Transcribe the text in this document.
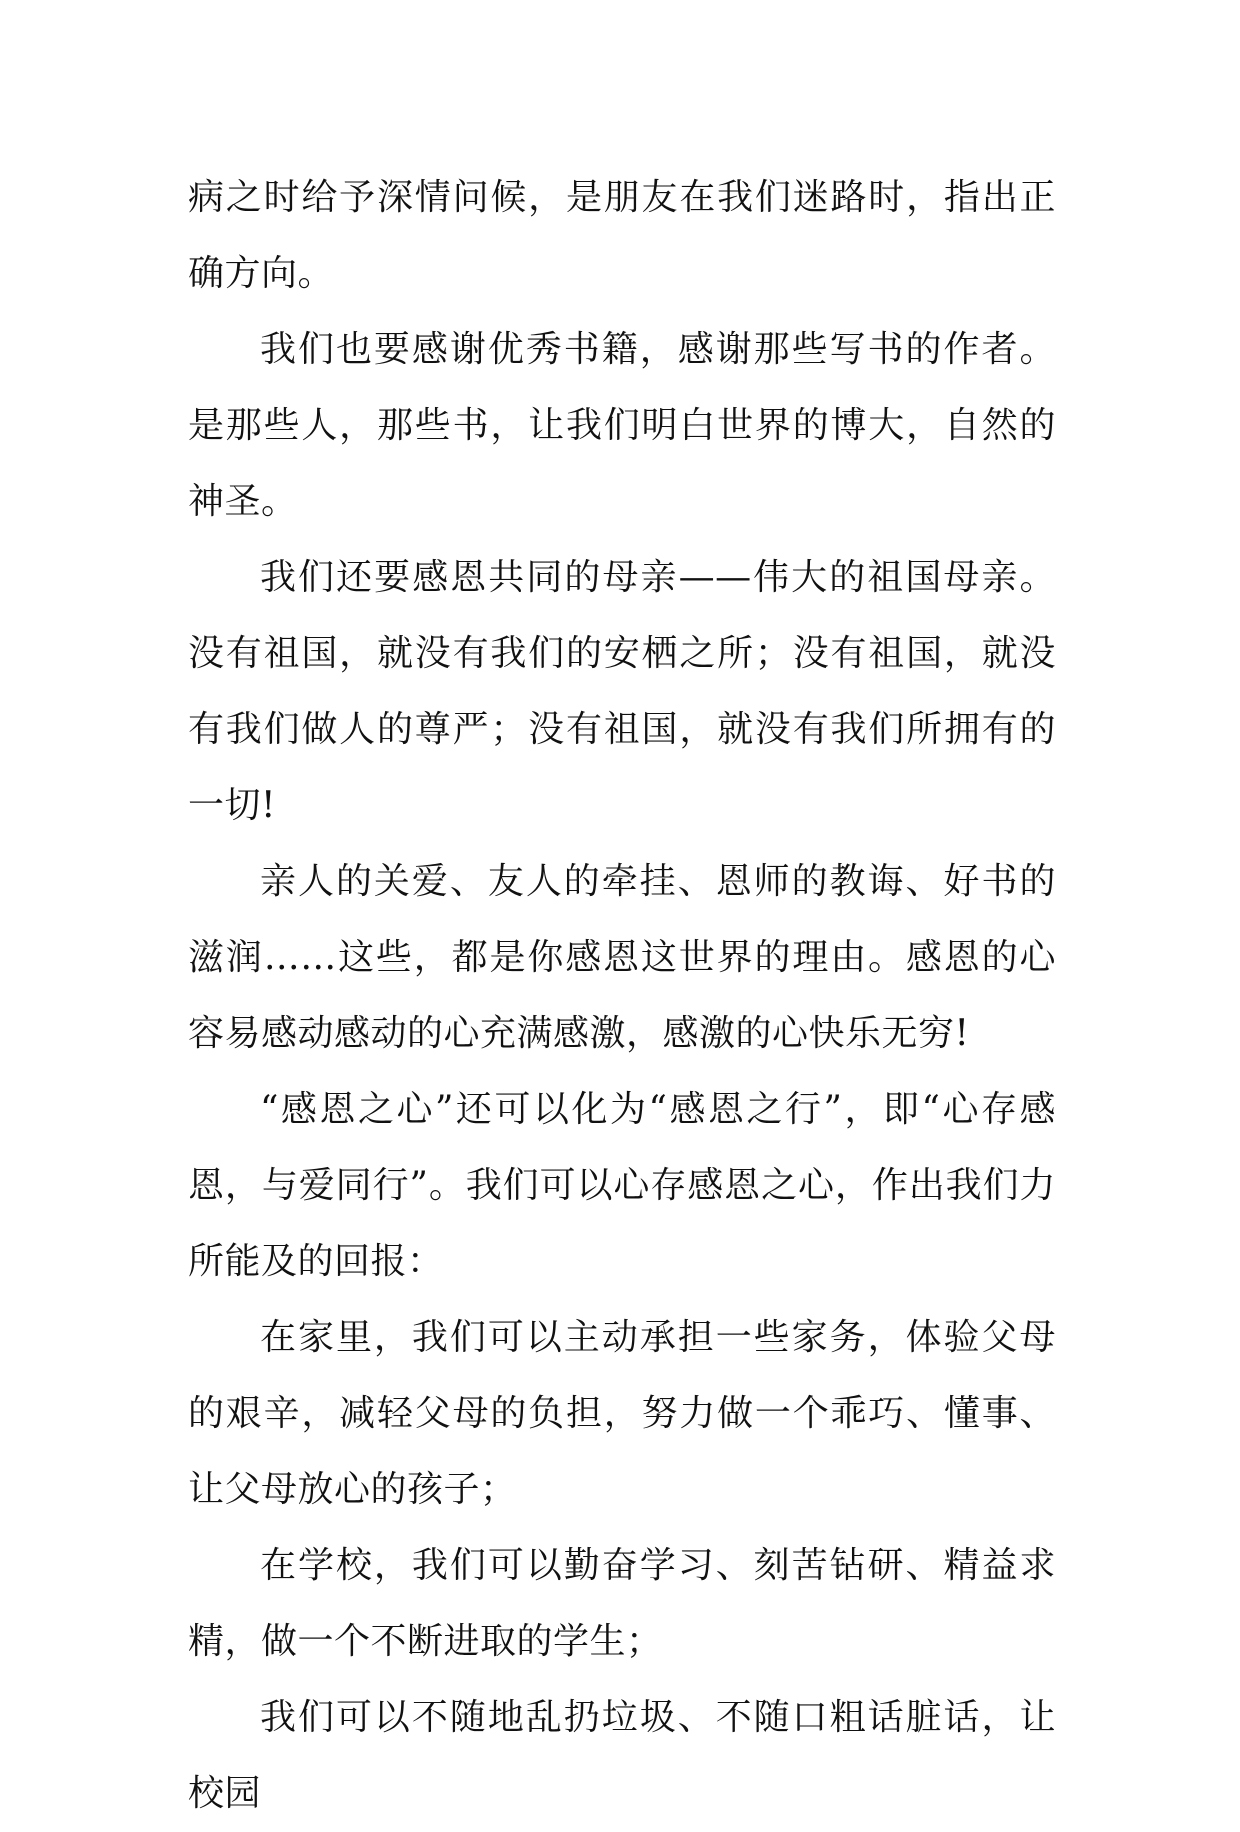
病之时给予深情问候，是朋友在我们迷路时，指出正确方向。

我们也要感谢优秀书籍，感谢那些写书的作者。是那些人，那些书，让我们明白世界的博大，自然的神圣。

我们还要感恩共同的母亲——伟大的祖国母亲。没有祖国，就没有我们的安栖之所；没有祖国，就没有我们做人的尊严；没有祖国，就没有我们所拥有的一切!

亲人的关爱、友人的牵挂、恩师的教诲、好书的滋润……这些，都是你感恩这世界的理由。感恩的心容易感动感动的心充满感激，感激的心快乐无穷!

“感恩之心”还可以化为“感恩之行”，即“心存感恩，与爱同行”。我们可以心存感恩之心，作出我们力所能及的回报：

在家里，我们可以主动承担一些家务，体验父母的艰辛，减轻父母的负担，努力做一个乖巧、懂事、让父母放心的孩子；

在学校，我们可以勤奋学习、刻苦钻研、精益求精，做一个不断进取的学生；

我们可以不随地乱扔垃圾、不随口粗话脏话，让校园
